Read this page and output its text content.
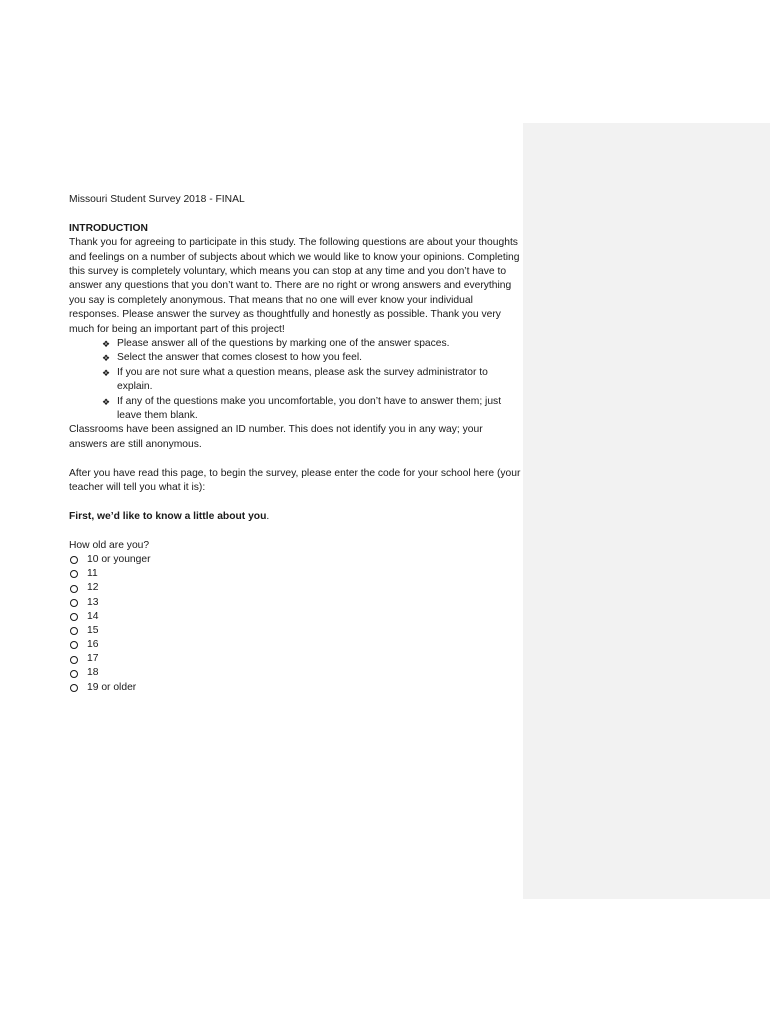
Missouri Student Survey 2018 - FINAL

INTRODUCTION

Thank you for agreeing to participate in this study. The following questions are about your thoughts and feelings on a number of subjects about which we would like to know your opinions. Completing this survey is completely voluntary, which means you can stop at any time and you don’t have to answer any questions that you don’t want to. There are no right or wrong answers and everything you say is completely anonymous. That means that no one will ever know your individual responses. Please answer the survey as thoughtfully and honestly as possible. Thank you very much for being an important part of this project!

❖ Please answer all of the questions by marking one of the answer spaces.
❖ Select the answer that comes closest to how you feel.
❖ If you are not sure what a question means, please ask the survey administrator to explain.
❖ If any of the questions make you uncomfortable, you don’t have to answer them; just leave them blank.

Classrooms have been assigned an ID number. This does not identify you in any way; your answers are still anonymous.

After you have read this page, to begin the survey, please enter the code for your school here (your teacher will tell you what it is):

First, we’d like to know a little about you.

How old are you?

10 or younger
11
12
13
14
15
16
17
18
19 or older
